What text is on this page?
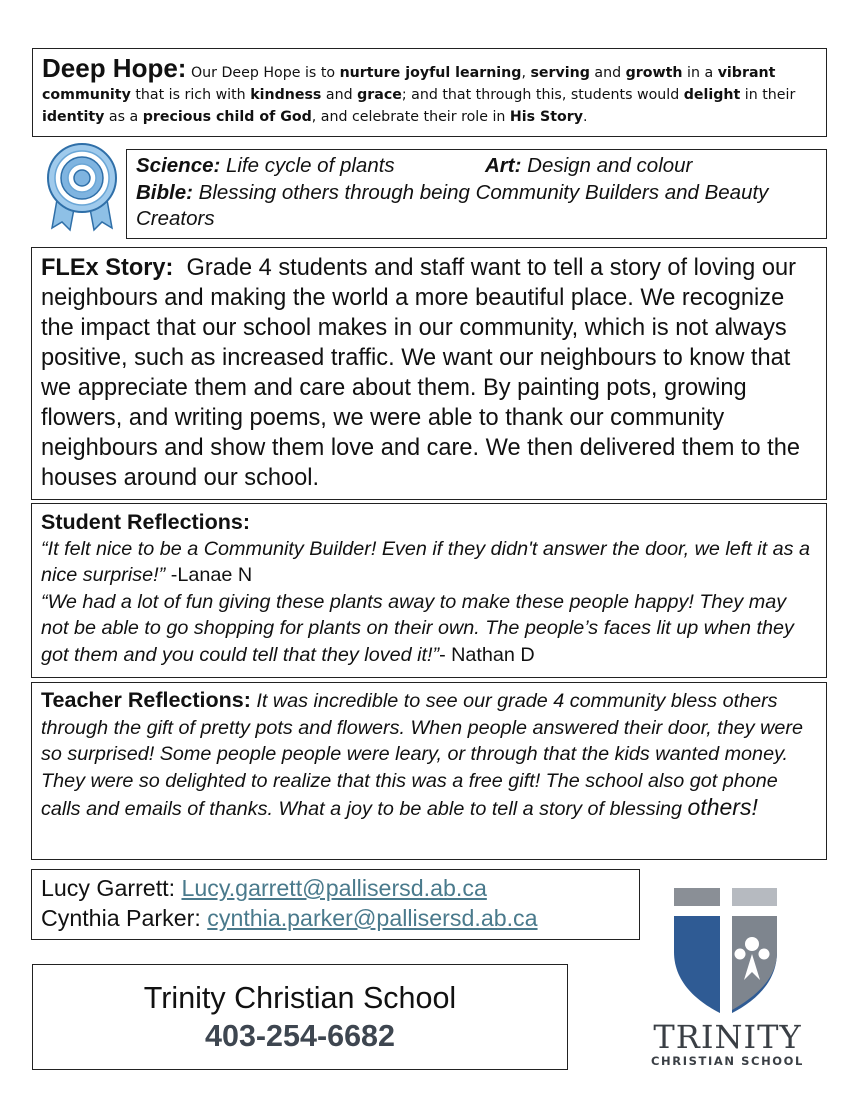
Deep Hope: Our Deep Hope is to nurture joyful learning, serving and growth in a vibrant community that is rich with kindness and grace; and that through this, students would delight in their identity as a precious child of God, and celebrate their role in His Story.
Science: Life cycle of plants	Art: Design and colour
Bible: Blessing others through being Community Builders and Beauty Creators
FLEx Story: Grade 4 students and staff want to tell a story of loving our neighbours and making the world a more beautiful place. We recognize the impact that our school makes in our community, which is not always positive, such as increased traffic. We want our neighbours to know that we appreciate them and care about them. By painting pots, growing flowers, and writing poems, we were able to thank our community neighbours and show them love and care. We then delivered them to the houses around our school.
Student Reflections:
“It felt nice to be a Community Builder! Even if they didn't answer the door, we left it as a nice surprise!” -Lanae N
“We had a lot of fun giving these plants away to make these people happy! They may not be able to go shopping for plants on their own. The people’s faces lit up when they got them and you could tell that they loved it!”- Nathan D
Teacher Reflections: It was incredible to see our grade 4 community bless others through the gift of pretty pots and flowers. When people answered their door, they were so surprised! Some people people were leary, or through that the kids wanted money. They were so delighted to realize that this was a free gift! The school also got phone calls and emails of thanks. What a joy to be able to tell a story of blessing others!
Lucy Garrett: Lucy.garrett@pallisersd.ab.ca
Cynthia Parker: cynthia.parker@pallisersd.ab.ca
Trinity Christian School
403-254-6682	TRINITY
CHRISTIAN SCHOOL
